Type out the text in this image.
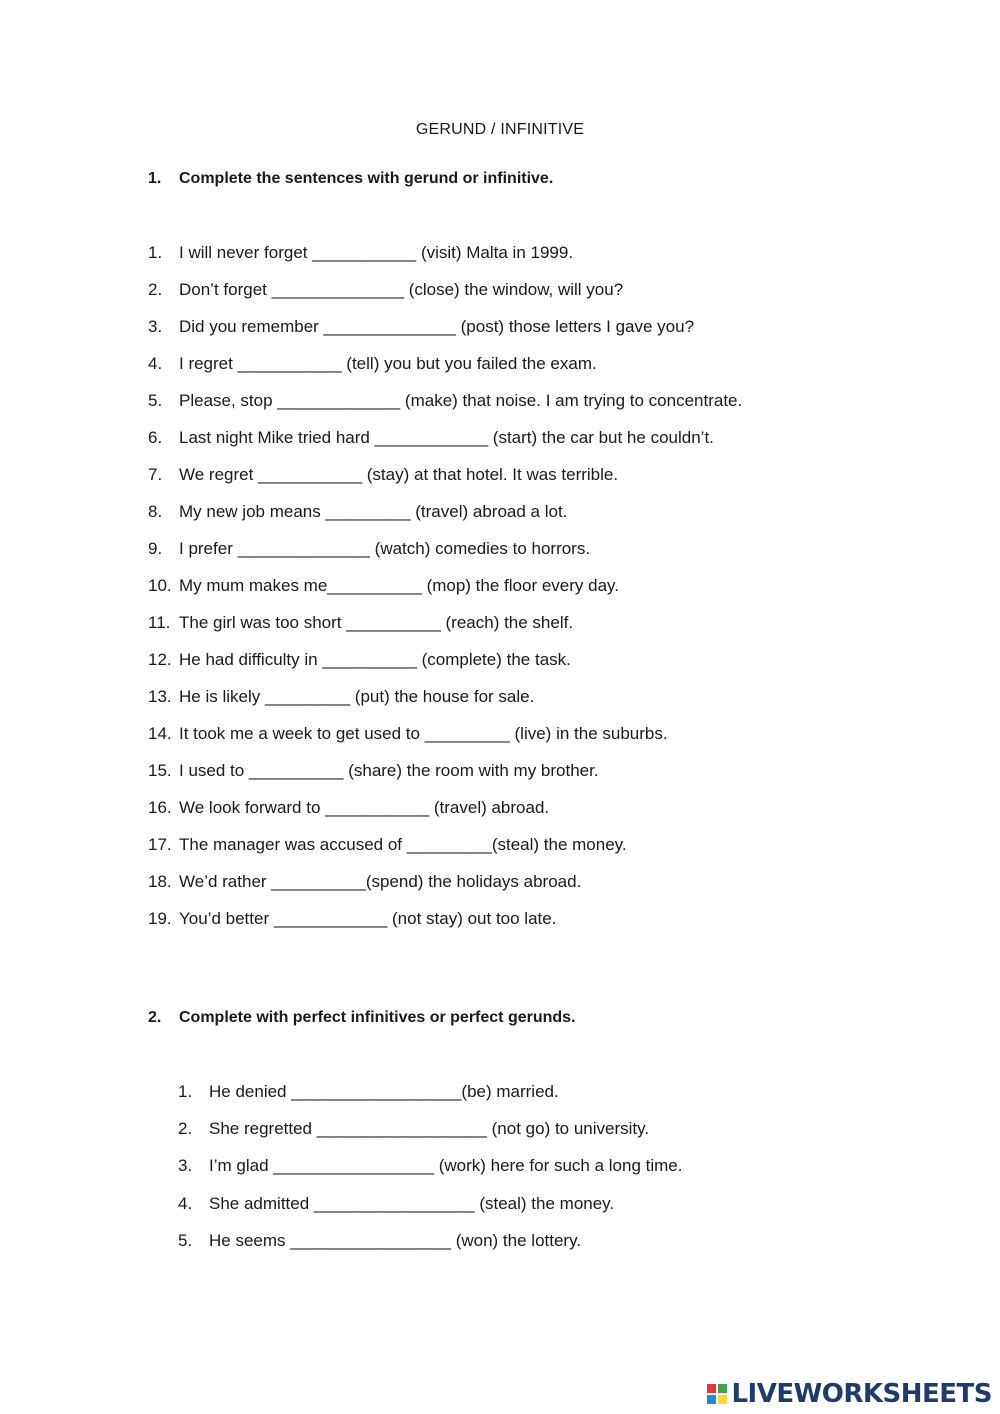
GERUND / INFINITIVE
1. Complete the sentences with gerund or infinitive.
1. I will never forget ___________ (visit) Malta in 1999.
2. Don’t forget ______________ (close) the window, will you?
3. Did you remember ______________ (post) those letters I gave you?
4. I regret ___________ (tell) you but you failed the exam.
5. Please, stop _____________ (make) that noise. I am trying to concentrate.
6. Last night Mike tried hard ____________ (start) the car but he couldn’t.
7. We regret ___________ (stay) at that hotel. It was terrible.
8. My new job means _________ (travel) abroad a lot.
9. I prefer ______________ (watch) comedies to horrors.
10. My mum makes me__________ (mop) the floor every day.
11. The girl was too short __________ (reach) the shelf.
12. He had difficulty in __________ (complete) the task.
13. He is likely _________ (put) the house for sale.
14. It took me a week to get used to _________ (live) in the suburbs.
15. I used to __________ (share) the room with my brother.
16. We look forward to ___________ (travel) abroad.
17. The manager was accused of _________(steal) the money.
18. We’d rather __________(spend) the holidays abroad.
19. You’d better ____________ (not stay) out too late.
2. Complete with perfect infinitives or perfect gerunds.
1. He denied __________________(be) married.
2. She regretted __________________ (not go) to university.
3. I’m glad _________________ (work) here for such a long time.
4. She admitted _________________ (steal) the money.
5. He seems _________________ (won) the lottery.
LIVEWORKSHEETS
